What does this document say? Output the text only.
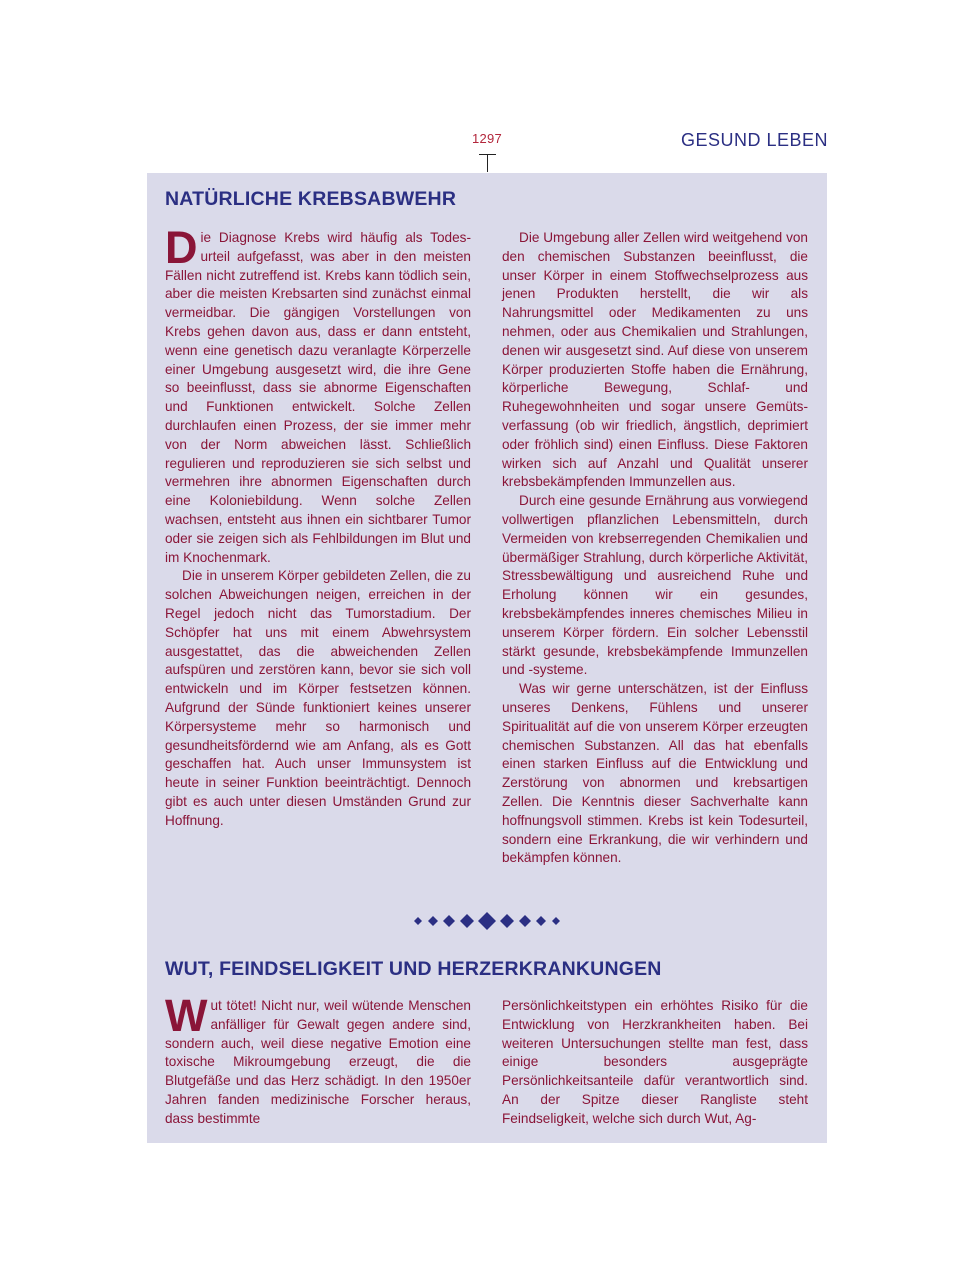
1297	GESUND LEBEN
NATÜRLICHE KREBSABWEHR

Die Diagnose Krebs wird häufig als Todesurteil aufgefasst, was aber in den meisten Fällen nicht zutreffend ist. Krebs kann tödlich sein, aber die meisten Krebsarten sind zunächst einmal vermeidbar. Die gängigen Vorstellungen von Krebs gehen davon aus, dass er dann entsteht, wenn eine genetisch dazu veranlagte Körperzelle einer Umgebung ausgesetzt wird, die ihre Gene so beeinflusst, dass sie abnorme Eigenschaften und Funktionen entwickelt. Solche Zellen durchlaufen einen Prozess, der sie immer mehr von der Norm abweichen lässt. Schließlich regulieren und reproduzieren sie sich selbst und vermehren ihre abnormen Eigenschaften durch eine Koloniebildung. Wenn solche Zellen wachsen, entsteht aus ihnen ein sichtbarer Tumor oder sie zeigen sich als Fehlbildungen im Blut und im Knochenmark.

Die in unserem Körper gebildeten Zellen, die zu solchen Abweichungen neigen, erreichen in der Regel jedoch nicht das Tumorstadium. Der Schöpfer hat uns mit einem Abwehrsystem ausgestattet, das die abweichenden Zellen aufspüren und zerstören kann, bevor sie sich voll entwickeln und im Körper festsetzen können. Aufgrund der Sünde funktioniert keines unserer Körpersysteme mehr so harmonisch und gesundheitsfördernd wie am Anfang, als es Gott geschaffen hat. Auch unser Immunsystem ist heute in seiner Funktion beeinträchtigt. Dennoch gibt es auch unter diesen Umständen Grund zur Hoffnung.

Die Umgebung aller Zellen wird weitgehend von den chemischen Substanzen beeinflusst, die unser Körper in einem Stoffwechselprozess aus jenen Produkten herstellt, die wir als Nahrungsmittel oder Medikamenten zu uns nehmen, oder aus Chemikalien und Strahlungen, denen wir ausgesetzt sind. Auf diese von unserem Körper produzierten Stoffe haben die Ernährung, körperliche Bewegung, Schlaf- und Ruhegewohnheiten und sogar unsere Gemütsverfassung (ob wir friedlich, ängstlich, deprimiert oder fröhlich sind) einen Einfluss. Diese Faktoren wirken sich auf Anzahl und Qualität unserer krebsbekämpfenden Immunzellen aus.

Durch eine gesunde Ernährung aus vorwiegend vollwertigen pflanzlichen Lebensmitteln, durch Vermeiden von krebserregenden Chemikalien und übermäßiger Strahlung, durch körperliche Aktivität, Stressbewältigung und ausreichend Ruhe und Erholung können wir ein gesundes, krebsbekämpfendes inneres chemisches Milieu in unserem Körper fördern. Ein solcher Lebensstil stärkt gesunde, krebsbekämpfende Immunzellen und -systeme.

Was wir gerne unterschätzen, ist der Einfluss unseres Denkens, Fühlens und unserer Spiritualität auf die von unserem Körper erzeugten chemischen Substanzen. All das hat ebenfalls einen starken Einfluss auf die Entwicklung und Zerstörung von abnormen und krebsartigen Zellen. Die Kenntnis dieser Sachverhalte kann hoffnungsvoll stimmen. Krebs ist kein Todesurteil, sondern eine Erkrankung, die wir verhindern und bekämpfen können.

WUT, FEINDSELIGKEIT UND HERZERKRANKUNGEN

Wut tötet! Nicht nur, weil wütende Menschen anfälliger für Gewalt gegen andere sind, sondern auch, weil diese negative Emotion eine toxische Mikroumgebung erzeugt, die die Blutgefäße und das Herz schädigt. In den 1950er Jahren fanden medizinische Forscher heraus, dass bestimmte

Persönlichkeitstypen ein erhöhtes Risiko für die Entwicklung von Herzkrankheiten haben. Bei weiteren Untersuchungen stellte man fest, dass einige besonders ausgeprägte Persönlichkeitsanteile dafür verantwortlich sind. An der Spitze dieser Rangliste steht Feindseligkeit, welche sich durch Wut, Ag-
